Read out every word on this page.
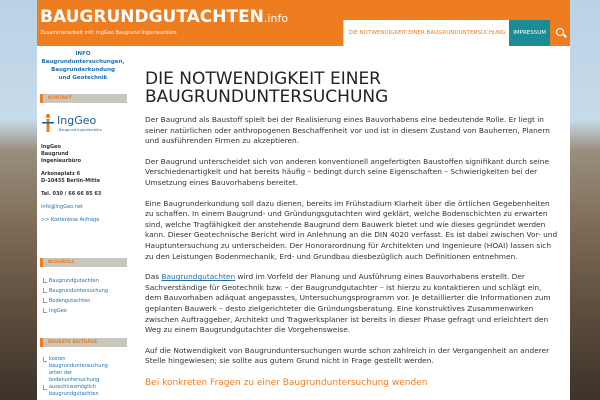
BAUGRUNDGUTACHTEN.info
Zusammenarbeit mit: IngGeo Baugrund Ingenieurbüro	DIE NOTWENDIGKEIT EINER BAUGRUNDUNTERSUCHUNG	IMPRESSUM
INFO
Baugrunduntersuchungen,
Baugrunderkundung
und Geotechnik
KONTAKT
IngGeo
Baugrund Ingenieurbüro
IngGeo
Baugrund
Ingenieurbüro
Arkonaplatz 6
D-10435 Berlin-Mitte
Tel. 030 / 66 66 85 63
info@IngGeo.net
>> Kostenlose Anfrage
BLOGROLL
Baugrundgutachten
Baugrunduntersuchung
Bodengutachten
IngGeo
NEUESTE BEITRÄGE
kosten
baugrunduntersuchung
arten der
bodenuntersuchung
ausschlussmöglich
baugrundgutachten
DIE NOTWENDIGKEIT EINER
BAUGRUNDUNTERSUCHUNG
Der Baugrund als Baustoff spielt bei der Realisierung eines Bauvorhabens eine bedeutende Rolle. Er liegt in seiner natürlichen oder anthropogenen Beschaffenheit vor und ist in diesem Zustand von Bauherren, Planern und ausführenden Firmen zu akzeptieren.
Der Baugrund unterscheidet sich von anderen konventionell angefertigten Baustoffen signifikant durch seine Verschiedenartigkeit und hat bereits häufig – bedingt durch seine Eigenschaften – Schwierigkeiten bei der Umsetzung eines Bauvorhabens bereitet.
Eine Baugrunderkundung soll dazu dienen, bereits im Frühstadium Klarheit über die örtlichen Gegebenheiten zu schaffen. In einem Baugrund- und Gründungsgutachten wird geklärt, welche Bodenschichten zu erwarten sind, welche Tragfähigkeit der anstehende Baugrund dem Bauwerk bietet und wie dieses gegründet werden kann. Dieser Geotechnische Bericht wird in Anlehnung an die DIN 4020 verfasst. Es ist dabei zwischen Vor- und Hauptuntersuchung zu unterscheiden. Der Honorarordnung für Architekten und Ingenieure (HOAI) lassen sich zu den Leistungen Bodenmechanik, Erd- und Grundbau diesbezüglich auch Definitionen entnehmen.
Das Baugrundgutachten wird im Vorfeld der Planung und Ausführung eines Bauvorhabens erstellt. Der Sachverständige für Geotechnik bzw. – der Baugrundgutachter – ist hierzu zu kontaktieren und schlägt ein, dem Bauvorhaben adäquat angepasstes, Untersuchungsprogramm vor. Je detaillierter die Informationen zum geplanten Bauwerk – desto zielgerichteter die Gründungsberatung. Eine konstruktives Zusammenwirken zwischen Auftraggeber, Architekt und Tragwerksplaner ist bereits in dieser Phase gefragt und erleichtert den Weg zu einem Baugrundgutachter die Vorgehensweise.
Auf die Notwendigkeit von Baugrunduntersuchungen wurde schon zahlreich in der Vergangenheit an anderer Stelle hingewiesen; sie sollte aus gutem Grund nicht in Frage gestellt werden.
Bei konkreten Fragen zu einer Baugrunduntersuchung wenden
